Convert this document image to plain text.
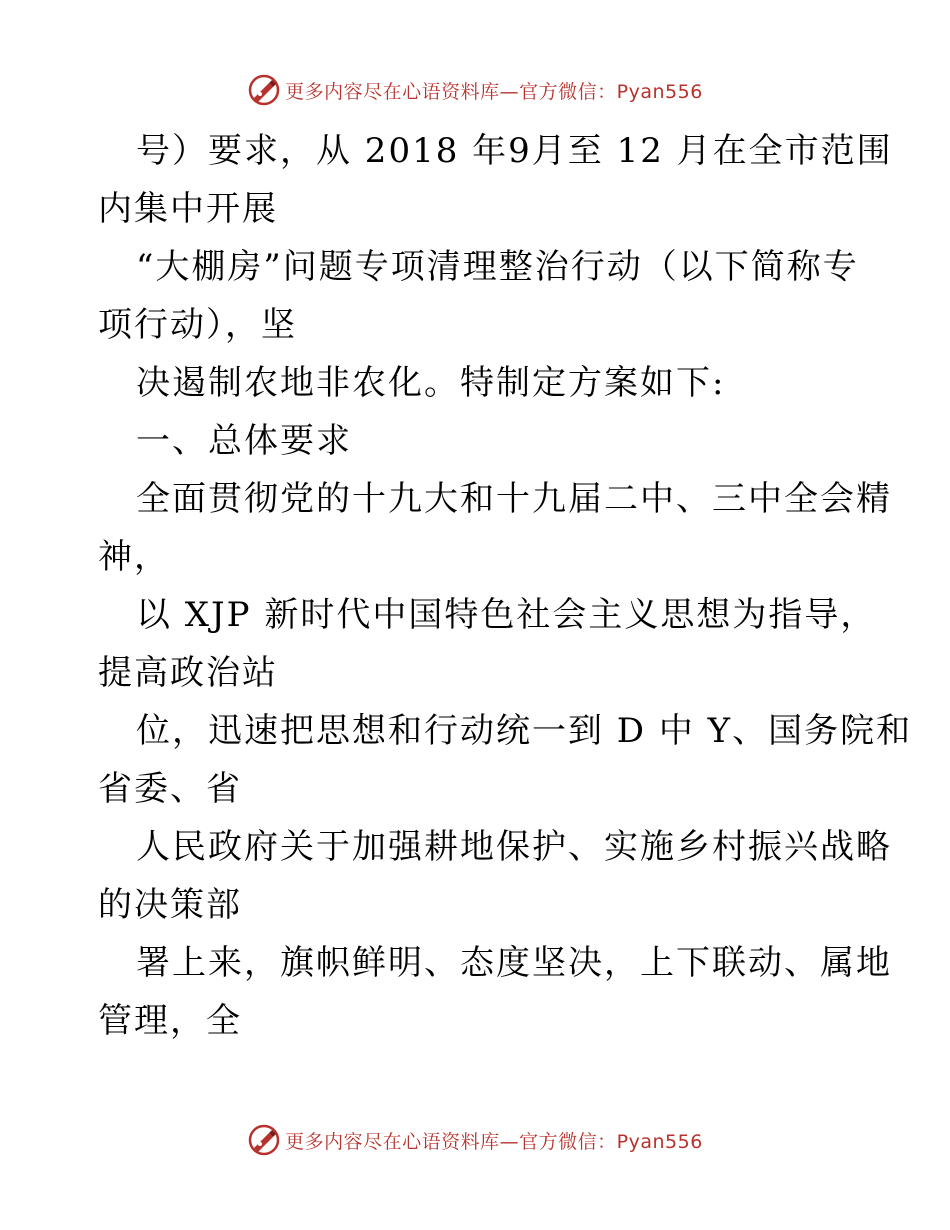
更多内容尽在心语资料库—官方微信：Pyan556
号）要求，从 2018 年9月至 12 月在全市范围
内集中开展
“大棚房”问题专项清理整治行动（以下简称专
项行动），坚
决遏制农地非农化。特制定方案如下:
一、总体要求
全面贯彻党的十九大和十九届二中、三中全会精
神，
以 XJP 新时代中国特色社会主义思想为指导，
提高政治站
位，迅速把思想和行动统一到 D 中 Y、国务院和
省委、省
人民政府关于加强耕地保护、实施乡村振兴战略
的决策部
署上来，旗帜鲜明、态度坚决，上下联动、属地
管理，全
更多内容尽在心语资料库—官方微信：Pyan556
